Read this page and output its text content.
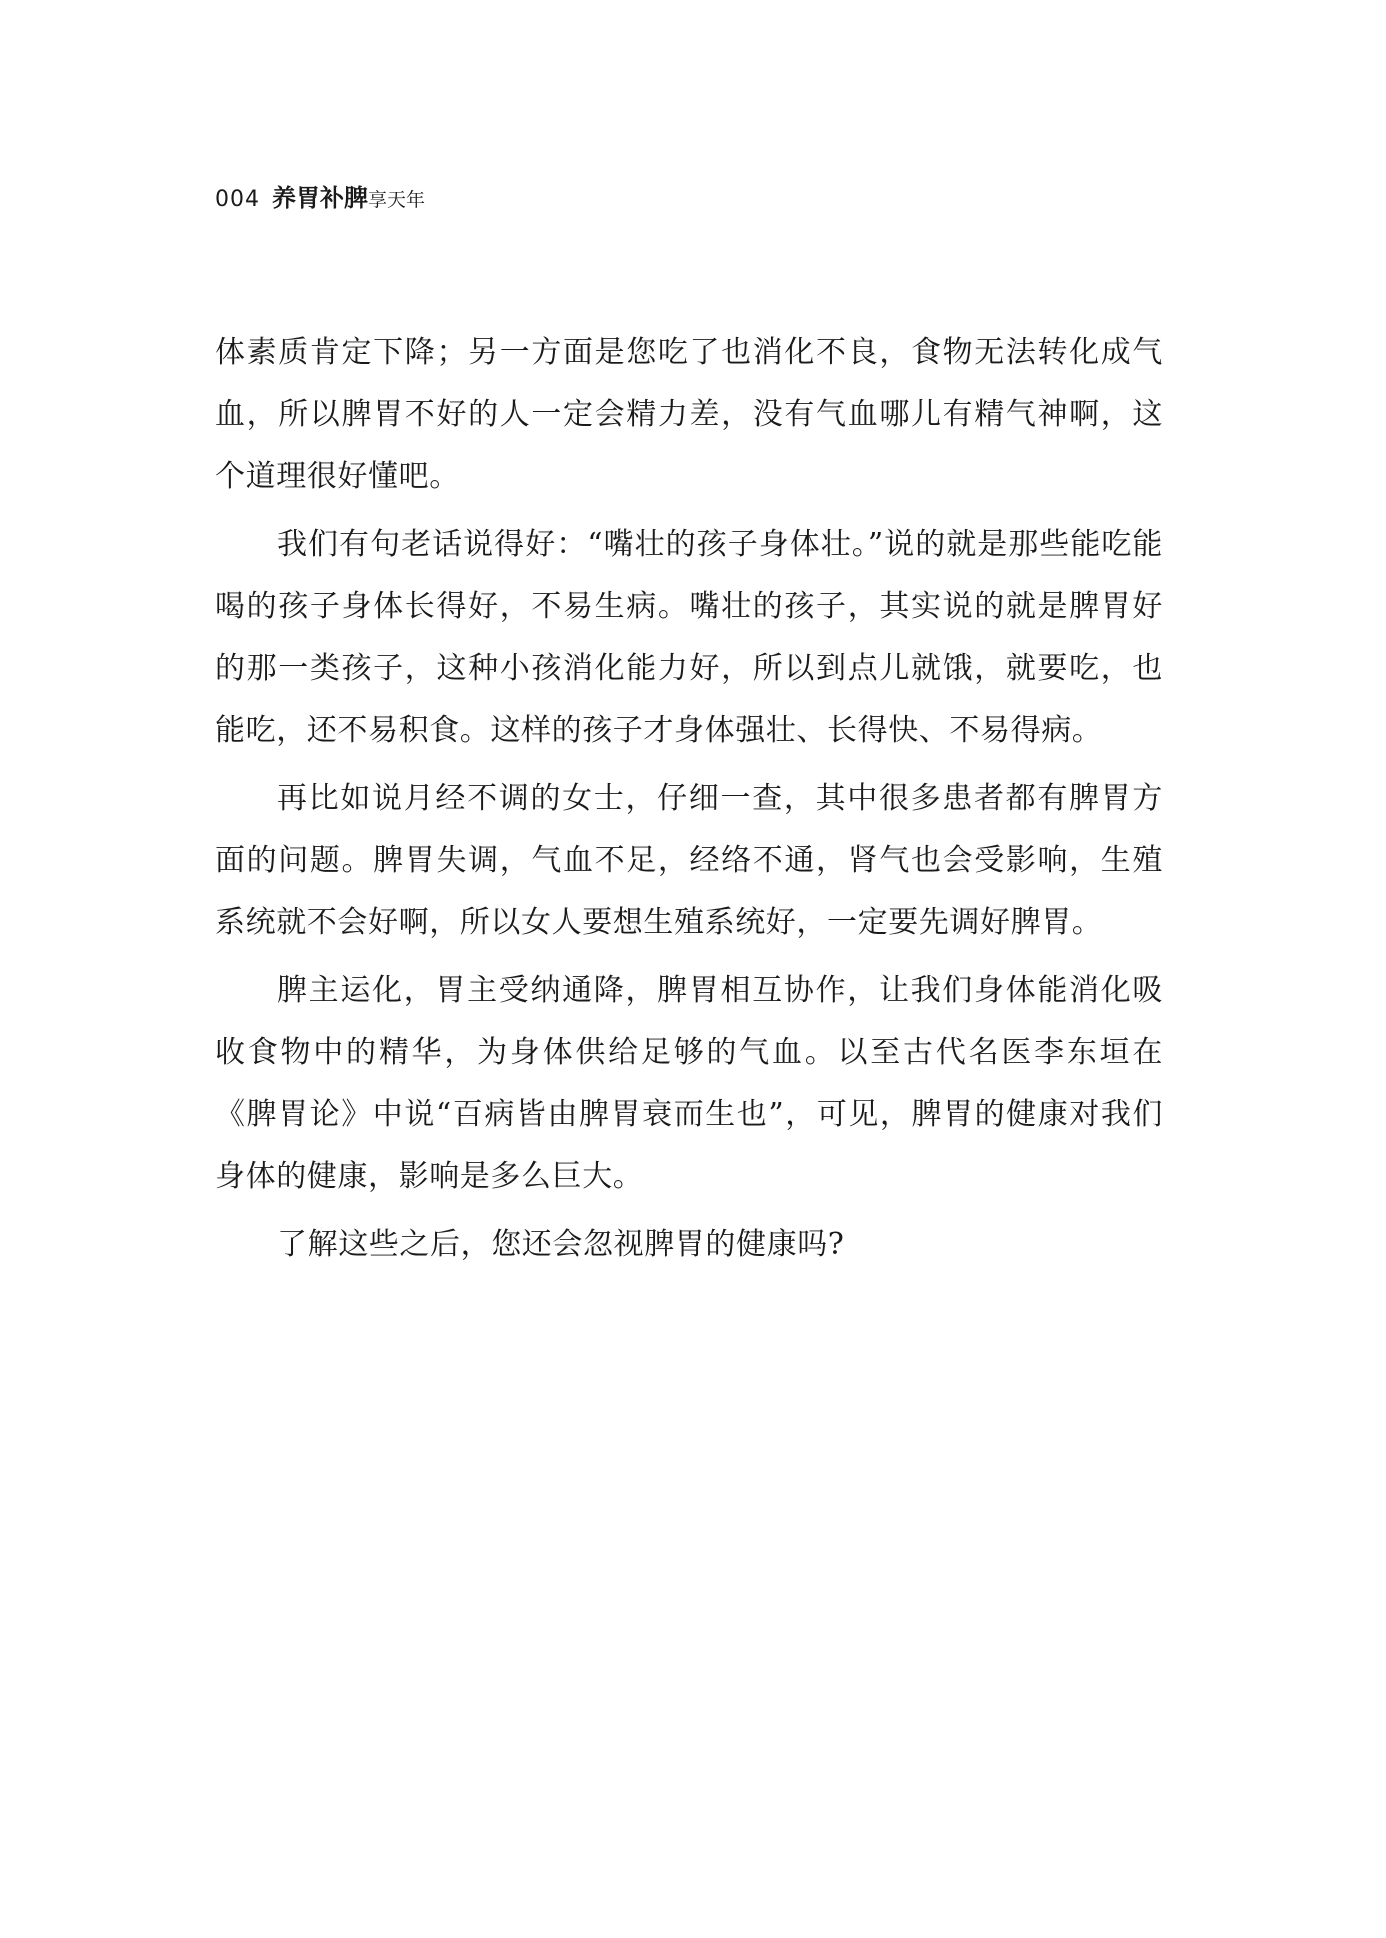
004 养胃补脾 享天年

体素质肯定下降；另一方面是您吃了也消化不良，食物无法转化成气血，所以脾胃不好的人一定会精力差，没有气血哪儿有精气神啊，这个道理很好懂吧。

我们有句老话说得好：“嘴壮的孩子身体壮。”说的就是那些能吃能喝的孩子身体长得好，不易生病。嘴壮的孩子，其实说的就是脾胃好的那一类孩子，这种小孩消化能力好，所以到点儿就饿，就要吃，也能吃，还不易积食。这样的孩子才身体强壮、长得快、不易得病。

再比如说月经不调的女士，仔细一查，其中很多患者都有脾胃方面的问题。脾胃失调，气血不足，经络不通，肾气也会受影响，生殖系统就不会好啊，所以女人要想生殖系统好，一定要先调好脾胃。

脾主运化，胃主受纳通降，脾胃相互协作，让我们身体能消化吸收食物中的精华，为身体供给足够的气血。以至古代名医李东垣在《脾胃论》中说“百病皆由脾胃衰而生也”，可见，脾胃的健康对我们身体的健康，影响是多么巨大。

了解这些之后，您还会忽视脾胃的健康吗?
